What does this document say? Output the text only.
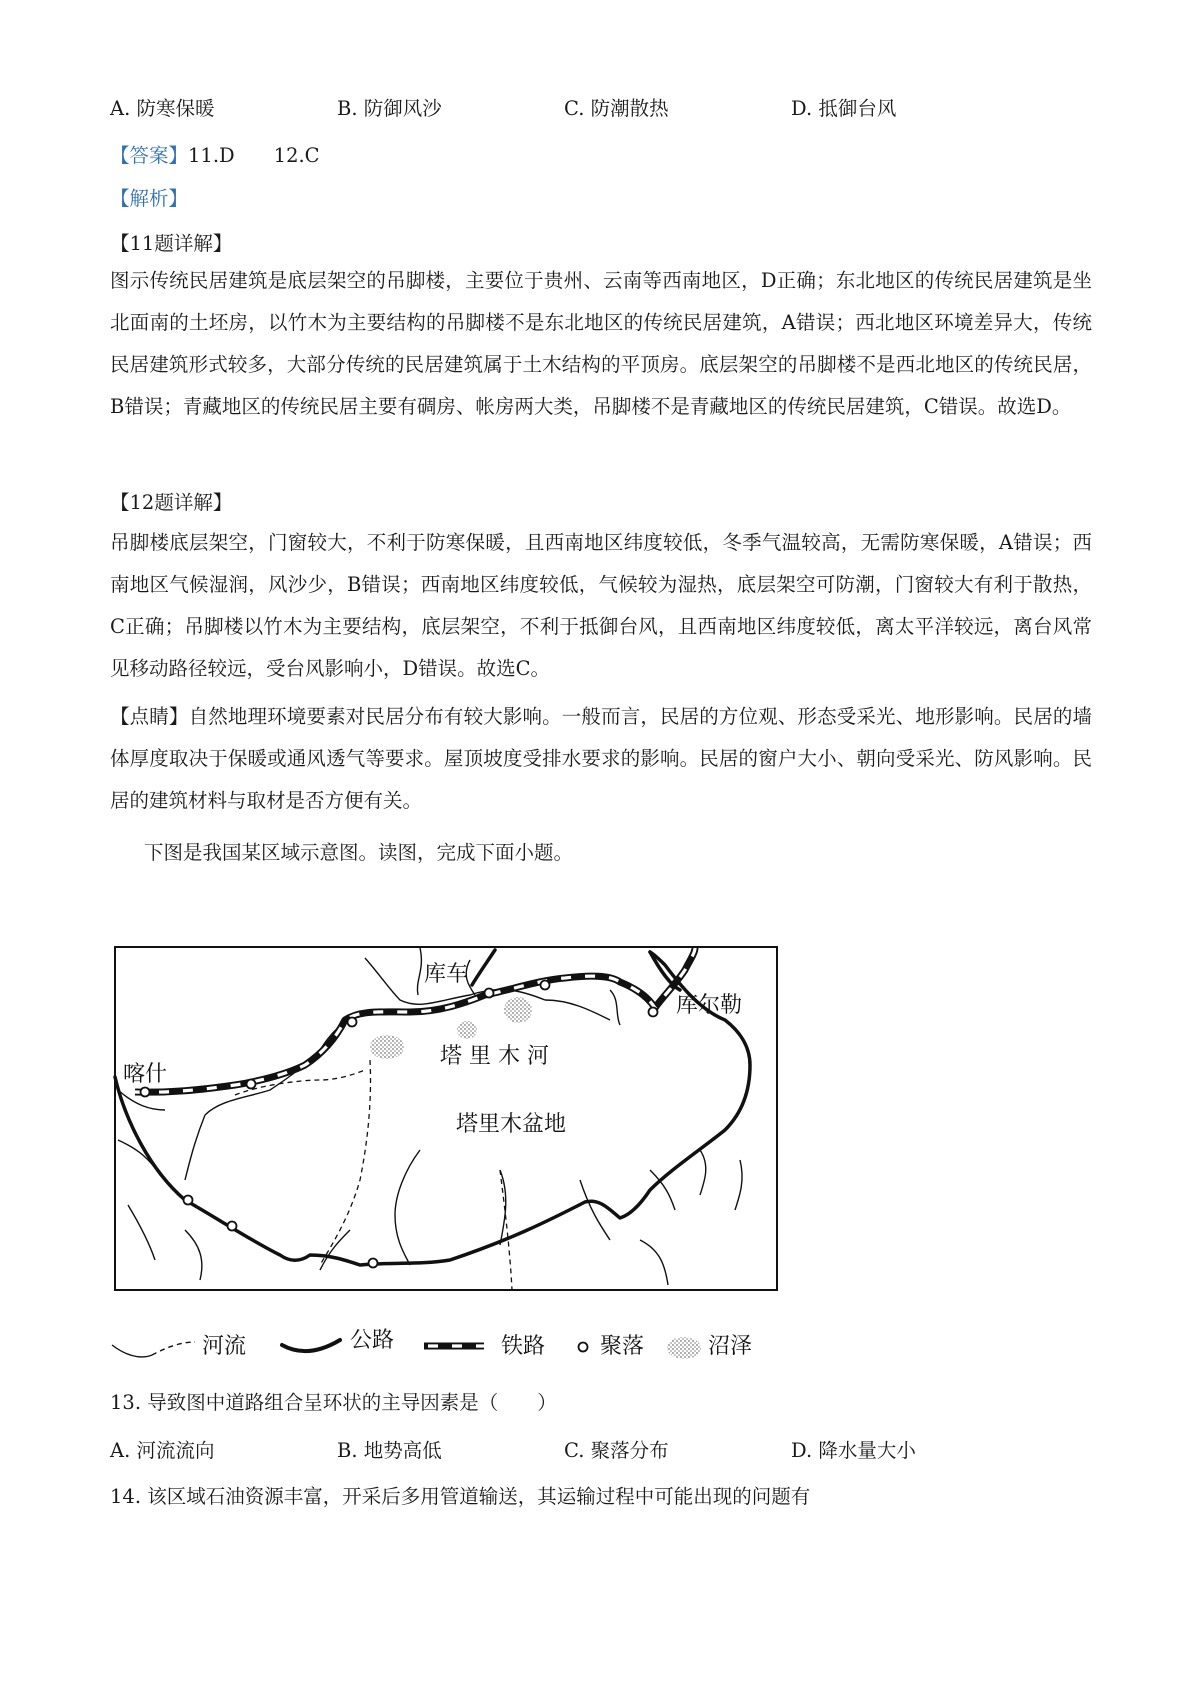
A. 防寒保暖	B. 防御风沙	C. 防潮散热	D. 抵御台风
【答案】11.D　　12.C
【解析】
【11题详解】
图示传统民居建筑是底层架空的吊脚楼，主要位于贵州、云南等西南地区，D正确；东北地区的传统民居建筑是坐北面南的土坯房，以竹木为主要结构的吊脚楼不是东北地区的传统民居建筑，A错误；西北地区环境差异大，传统民居建筑形式较多，大部分传统的民居建筑属于土木结构的平顶房。底层架空的吊脚楼不是西北地区的传统民居，B错误；青藏地区的传统民居主要有碉房、帐房两大类，吊脚楼不是青藏地区的传统民居建筑，C错误。故选D。
【12题详解】
吊脚楼底层架空，门窗较大，不利于防寒保暖，且西南地区纬度较低，冬季气温较高，无需防寒保暖，A错误；西南地区气候湿润，风沙少，B错误；西南地区纬度较低，气候较为湿热，底层架空可防潮，门窗较大有利于散热，C正确；吊脚楼以竹木为主要结构，底层架空，不利于抵御台风，且西南地区纬度较低，离太平洋较远，离台风常见移动路径较远，受台风影响小，D错误。故选C。
【点睛】自然地理环境要素对民居分布有较大影响。一般而言，民居的方位观、形态受采光、地形影响。民居的墙体厚度取决于保暖或通风透气等要求。屋顶坡度受排水要求的影响。民居的窗户大小、朝向受采光、防风影响。民居的建筑材料与取材是否方便有关。
下图是我国某区域示意图。读图，完成下面小题。
库车
库尔勒
喀什
塔 里 木 河
塔里木盆地
河流	公路	铁路 聚落	沼泽
13. 导致图中道路组合呈环状的主导因素是（　　）
A. 河流流向	B. 地势高低	C. 聚落分布	D. 降水量大小
14. 该区域石油资源丰富，开采后多用管道输送，其运输过程中可能出现的问题有
